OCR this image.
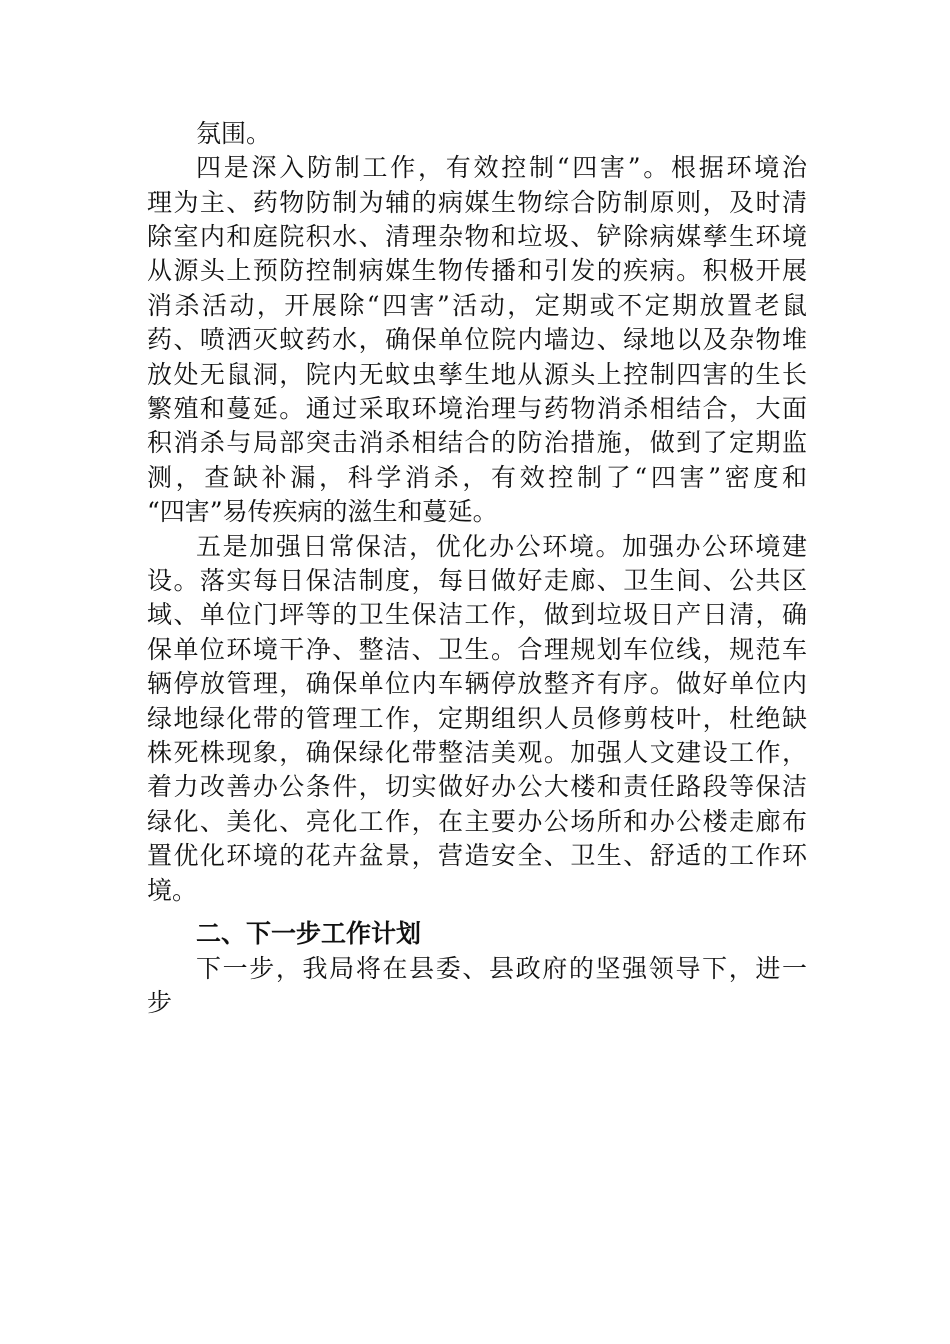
氛围。
四是深入防制工作，有效控制“四害”。根据环境治
理为主、药物防制为辅的病媒生物综合防制原则，及时清
除室内和庭院积水、清理杂物和垃圾、铲除病媒孳生环境
从源头上预防控制病媒生物传播和引发的疾病。积极开展
消杀活动，开展除“四害”活动，定期或不定期放置老鼠
药、喷洒灭蚊药水，确保单位院内墙边、绿地以及杂物堆
放处无鼠洞，院内无蚊虫孳生地从源头上控制四害的生长
繁殖和蔓延。通过采取环境治理与药物消杀相结合，大面
积消杀与局部突击消杀相结合的防治措施，做到了定期监
测，查缺补漏，科学消杀，有效控制了“四害”密度和
“四害”易传疾病的滋生和蔓延。
五是加强日常保洁，优化办公环境。加强办公环境建
设。落实每日保洁制度，每日做好走廊、卫生间、公共区
域、单位门坪等的卫生保洁工作，做到垃圾日产日清，确
保单位环境干净、整洁、卫生。合理规划车位线，规范车
辆停放管理，确保单位内车辆停放整齐有序。做好单位内
绿地绿化带的管理工作，定期组织人员修剪枝叶，杜绝缺
株死株现象，确保绿化带整洁美观。加强人文建设工作，
着力改善办公条件，切实做好办公大楼和责任路段等保洁
绿化、美化、亮化工作，在主要办公场所和办公楼走廊布
置优化环境的花卉盆景，营造安全、卫生、舒适的工作环
境。
二、下一步工作计划
下一步，我局将在县委、县政府的坚强领导下，进一
步
